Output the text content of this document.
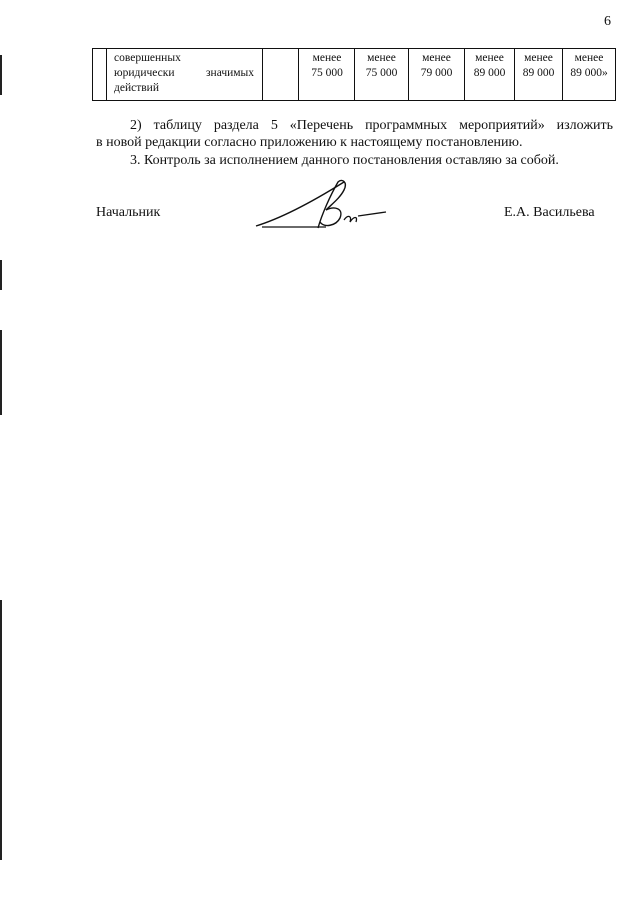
6
совершенных
юридически	значимых
действий
менее
75 000
менее
75 000
менее
79 000
менее
89 000
менее
89 000
менее
89 000»
2) таблицу раздела 5 «Перечень программных мероприятий» изложить
в новой редакции согласно приложению к настоящему постановлению.
3. Контроль за исполнением данного постановления оставляю за собой.
Начальник	Е.А. Васильева
